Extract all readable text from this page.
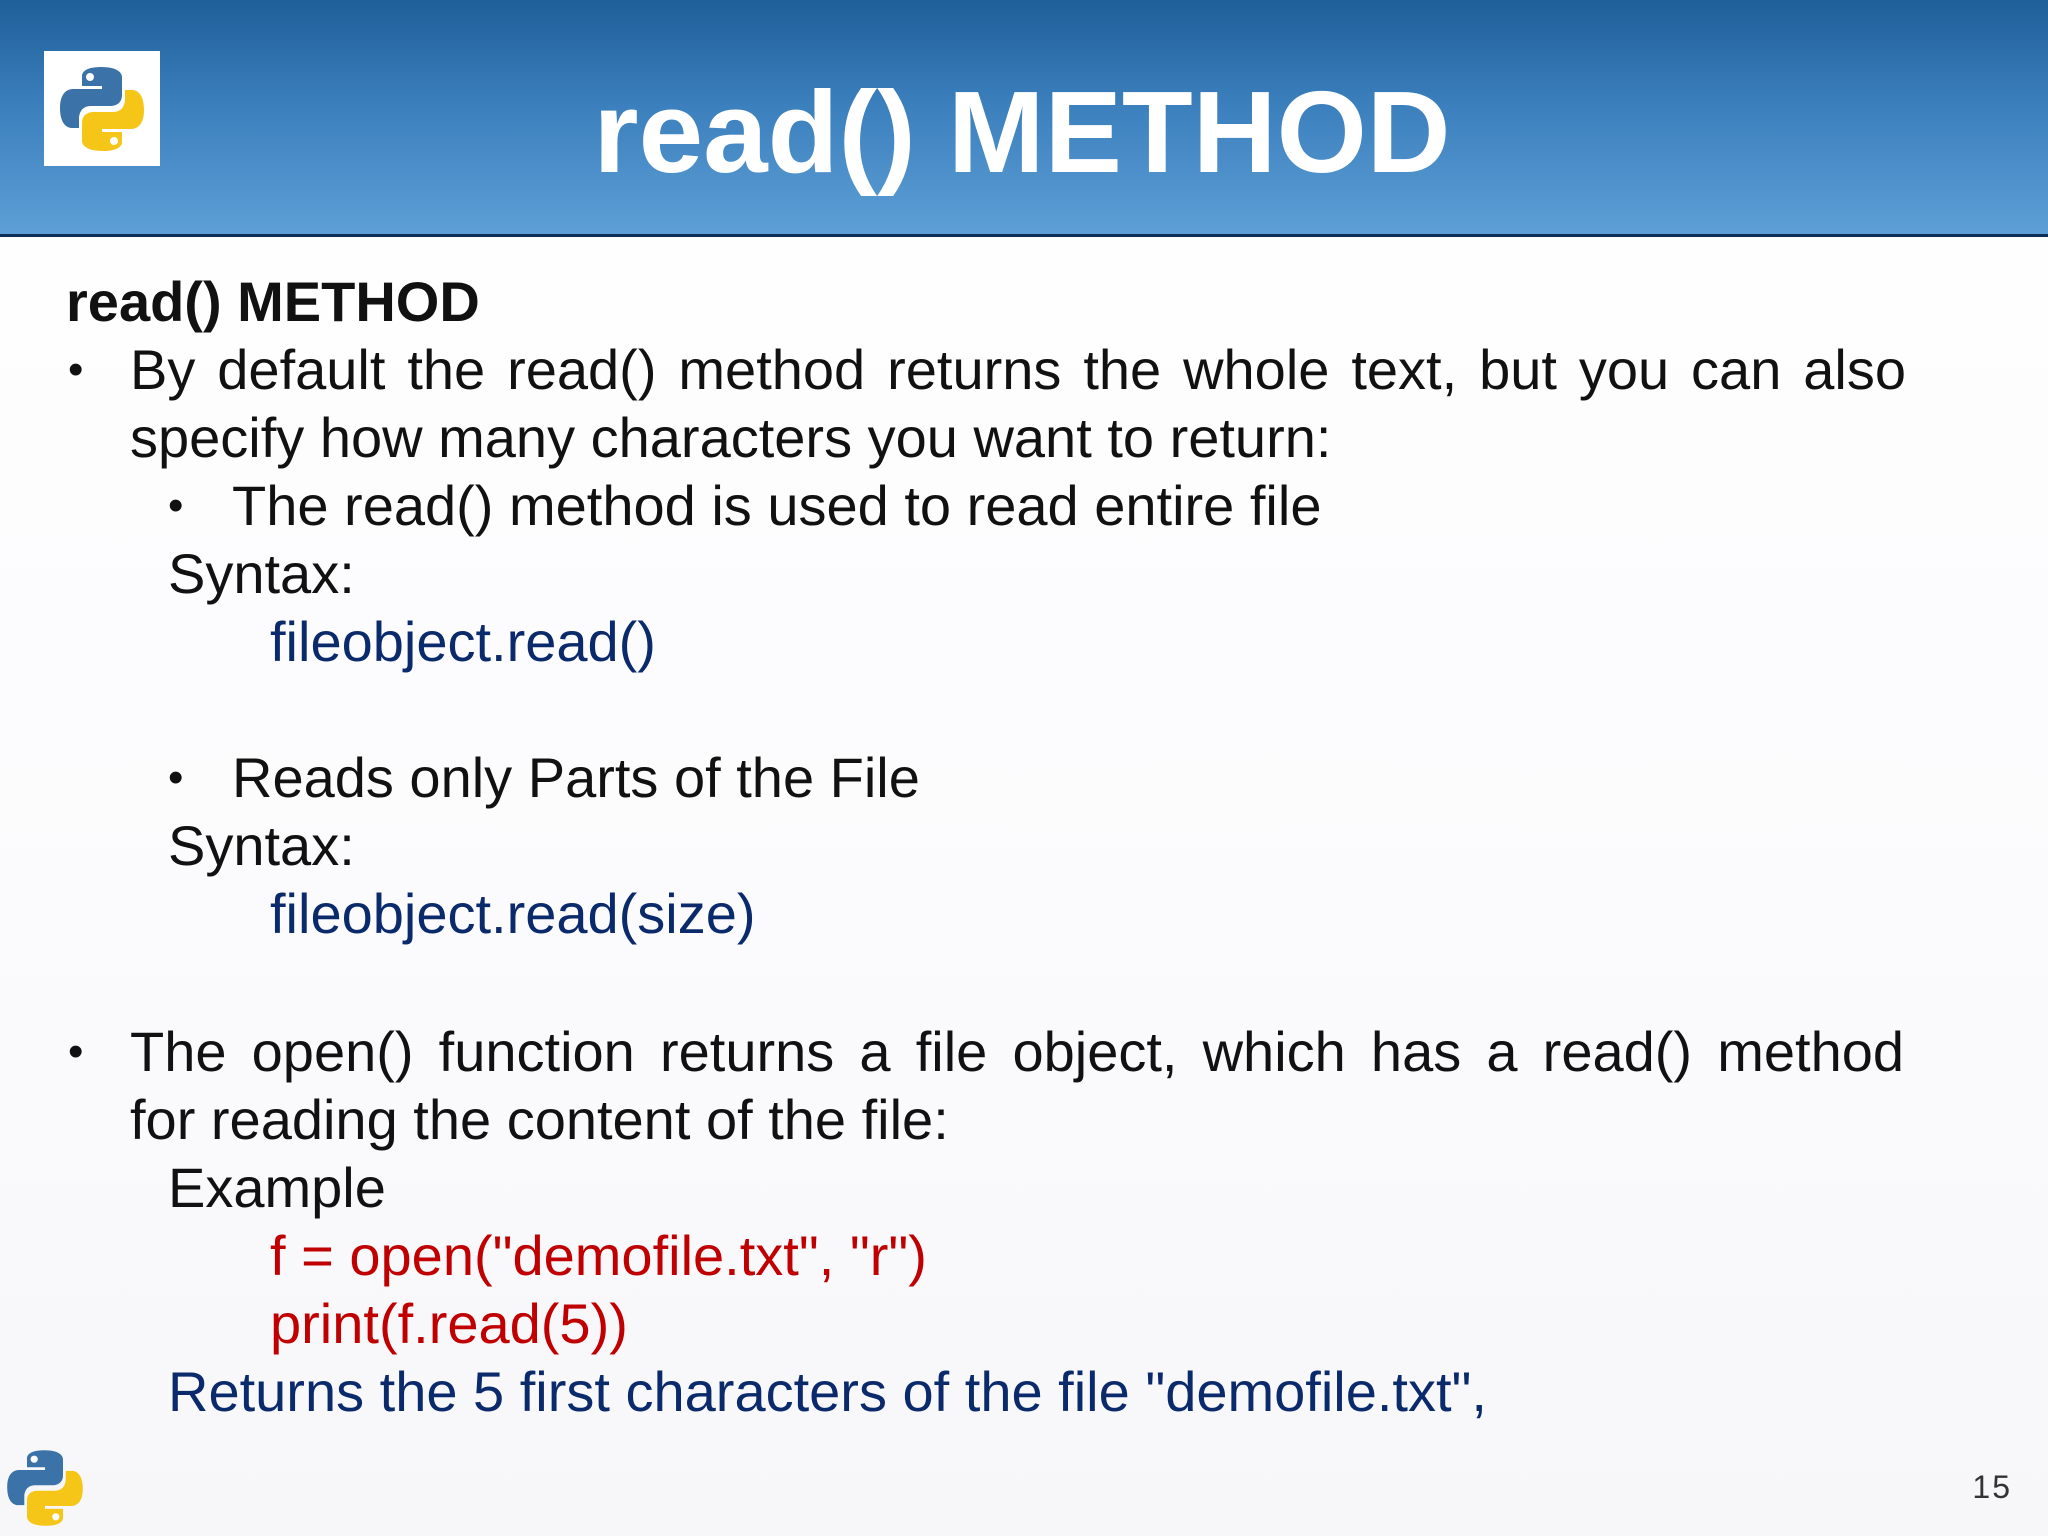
read() METHOD
read() METHOD
• By default the read() method returns the whole text, but you can also
specify how many characters you want to return:
• The read() method is used to read entire file
Syntax:
fileobject.read()
• Reads only Parts of the File
Syntax:
fileobject.read(size)
• The open() function returns a file object, which has a read() method
for reading the content of the file:
Example
f = open("demofile.txt", "r")
print(f.read(5))
Returns the 5 first characters of the file "demofile.txt",
15
